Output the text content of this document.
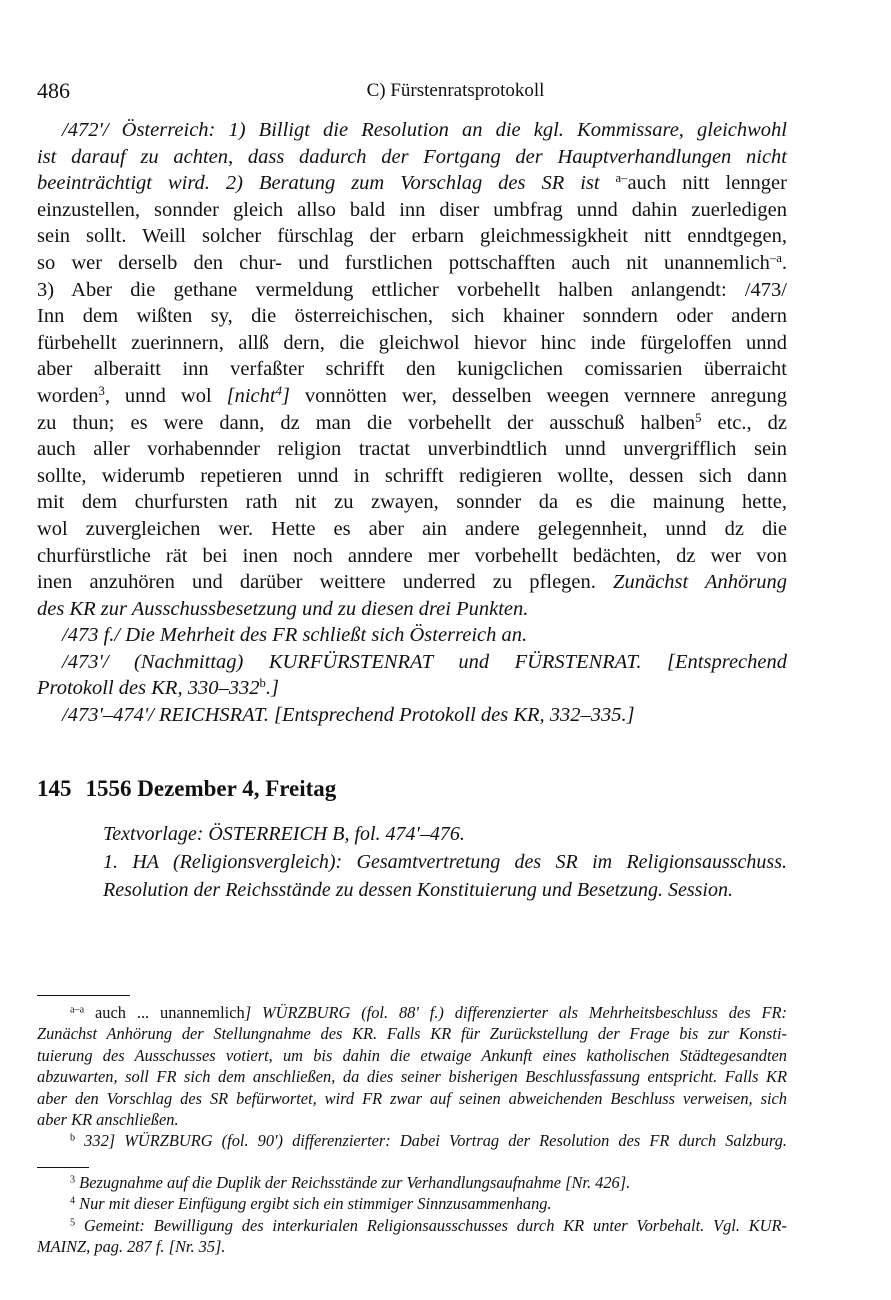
486	C) Fürstenratsprotokoll
/472'/ Österreich: 1) Billigt die Resolution an die kgl. Kommissare, gleichwohl
ist darauf zu achten, dass dadurch der Fortgang der Hauptverhandlungen nicht
beeinträchtigt wird. 2) Beratung zum Vorschlag des SR ist $^{a-}$auch nitt lennger
einzustellen, sonnder gleich allso bald inn diser umbfrag unnd dahin zuerledigen
sein sollt. Weill solcher fürschlag der erbarn gleichmessigkheit nitt enndtgegen,
so wer derselb den chur- und furstlichen pottschafften auch nit unannemlich$^{-a}$.
3) Aber die gethane vermeldung ettlicher vorbehellt halben anlangendt: /473/
Inn dem wißten sy, die österreichischen, sich khainer sonndern oder andern
fürbehellt zuerinnern, allß dern, die gleichwol hievor hinc inde fürgeloffen unnd
aber alberaitt inn verfaßter schrifft den kunigclichen comissarien überraicht
worden$^3$, unnd wol [nicht$^4$] vonnötten wer, desselben weegen vernnere anregung
zu thun; es were dann, dz man die vorbehellt der ausschuß halben$^5$ etc., dz
auch aller vorhabennder religion tractat unverbindtlich unnd unvergrifflich sein
sollte, widerumb repetieren unnd in schrifft redigieren wollte, dessen sich dann
mit dem churfursten rath nit zu zwayen, sonnder da es die mainung hette,
wol zuvergleichen wer. Hette es aber ain andere gelegennheit, unnd dz die
churfürstliche rät bei inen noch anndere mer vorbehellt bedächten, dz wer von
inen anzuhören und darüber weittere underred zu pflegen. Zunächst Anhörung
des KR zur Ausschussbesetzung und zu diesen drei Punkten.
/473 f./ Die Mehrheit des FR schließt sich Österreich an.
/473'/ (Nachmittag) KURFÜRSTENRAT und FÜRSTENRAT. [Entsprechend
Protokoll des KR, 330–332$^b$.]
/473'–474'/ REICHSRAT. [Entsprechend Protokoll des KR, 332–335.]
145 1556 Dezember 4, Freitag
Textvorlage: ÖSTERREICH B, fol. 474'–476.
1. HA (Religionsvergleich): Gesamtvertretung des SR im Religionsausschuss.
Resolution der Reichsstände zu dessen Konstituierung und Besetzung. Session.
$^{a-a}$ auch ... unannemlich] WÜRZBURG (fol. 88' f.) differenzierter als Mehrheitsbeschluss des FR:
Zunächst Anhörung der Stellungnahme des KR. Falls KR für Zurückstellung der Frage bis zur Konsti-
tuierung des Ausschusses votiert, um bis dahin die etwaige Ankunft eines katholischen Städtegesandten
abzuwarten, soll FR sich dem anschließen, da dies seiner bisherigen Beschlussfassung entspricht. Falls KR
aber den Vorschlag des SR befürwortet, wird FR zwar auf seinen abweichenden Beschluss verweisen, sich
aber KR anschließen.
$^b$ 332] WÜRZBURG (fol. 90') differenzierter: Dabei Vortrag der Resolution des FR durch Salzburg.
$^3$ Bezugnahme auf die Duplik der Reichsstände zur Verhandlungsaufnahme [Nr. 426].
$^4$ Nur mit dieser Einfügung ergibt sich ein stimmiger Sinnzusammenhang.
$^5$ Gemeint: Bewilligung des interkurialen Religionsausschusses durch KR unter Vorbehalt. Vgl. KUR-
MAINZ, pag. 287 f. [Nr. 35].
